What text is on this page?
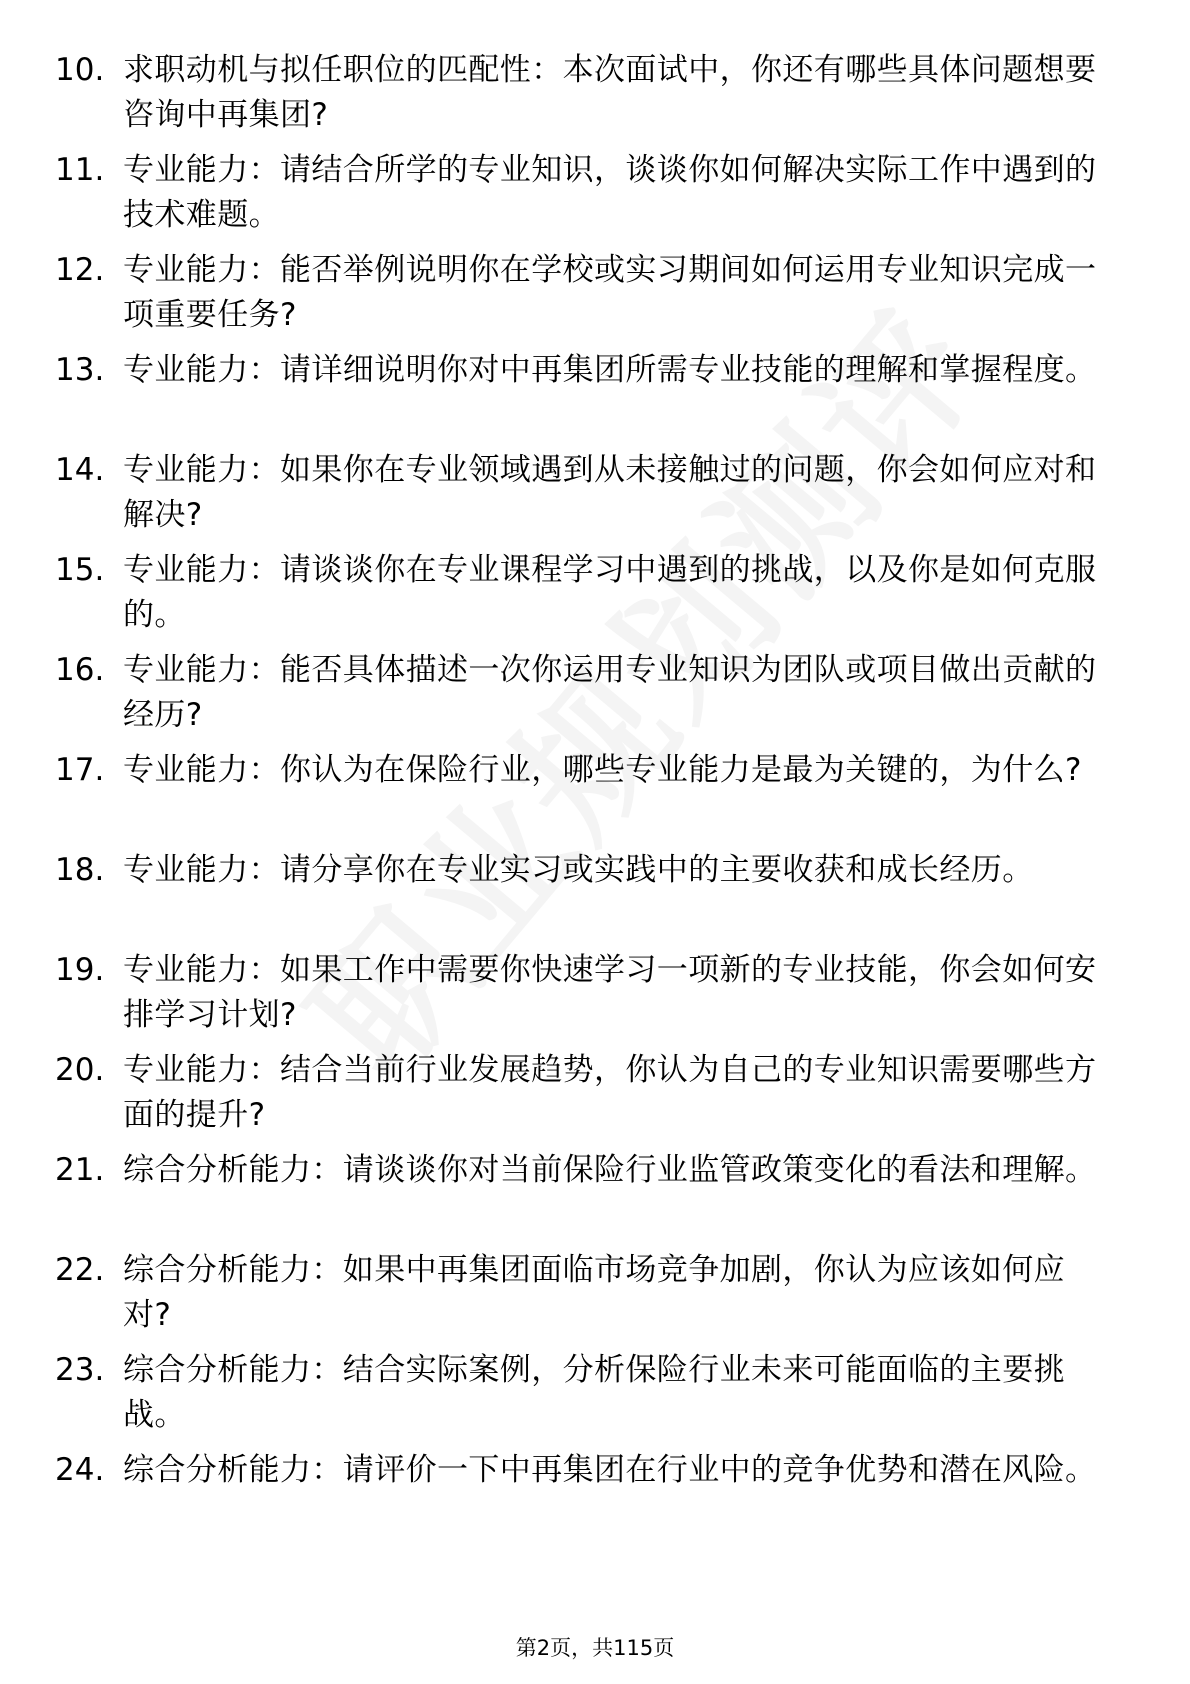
10. 求职动机与拟任职位的匹配性：本次面试中，你还有哪些具体问题想要咨询中再集团?
11. 专业能力：请结合所学的专业知识，谈谈你如何解决实际工作中遇到的技术难题。
12. 专业能力：能否举例说明你在学校或实习期间如何运用专业知识完成一项重要任务?
13. 专业能力：请详细说明你对中再集团所需专业技能的理解和掌握程度。
14. 专业能力：如果你在专业领域遇到从未接触过的问题，你会如何应对和解决?
15. 专业能力：请谈谈你在专业课程学习中遇到的挑战，以及你是如何克服的。
16. 专业能力：能否具体描述一次你运用专业知识为团队或项目做出贡献的经历?
17. 专业能力：你认为在保险行业，哪些专业能力是最为关键的，为什么?
18. 专业能力：请分享你在专业实习或实践中的主要收获和成长经历。
19. 专业能力：如果工作中需要你快速学习一项新的专业技能，你会如何安排学习计划?
20. 专业能力：结合当前行业发展趋势，你认为自己的专业知识需要哪些方面的提升?
21. 综合分析能力：请谈谈你对当前保险行业监管政策变化的看法和理解。
22. 综合分析能力：如果中再集团面临市场竞争加剧，你认为应该如何应对?
23. 综合分析能力：结合实际案例，分析保险行业未来可能面临的主要挑战。
24. 综合分析能力：请评价一下中再集团在行业中的竞争优势和潜在风险。
第2页，共115页
